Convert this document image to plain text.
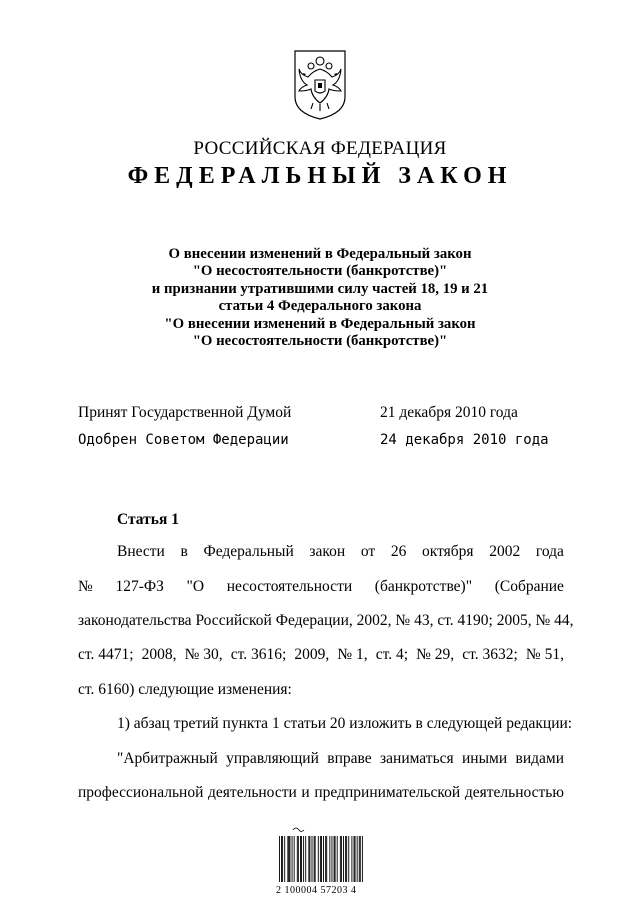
РОССИЙСКАЯ ФЕДЕРАЦИЯ
ФЕДЕРАЛЬНЫЙ ЗАКОН
О внесении изменений в Федеральный закон
"О несостоятельности (банкротстве)"
и признании утратившими силу частей 18, 19 и 21
статьи 4 Федерального закона
"О внесении изменений в Федеральный закон
"О несостоятельности (банкротстве)"
Принят Государственной Думой	21 декабря 2010 года
Одобрен Советом Федерации	24 декабря 2010 года
Статья 1
Внести в Федеральный закон от 26 октября 2002 года
№ 127-ФЗ "О несостоятельности (банкротстве)" (Собрание
законодательства Российской Федерации, 2002, № 43, ст. 4190; 2005, № 44,
ст. 4471; 2008, № 30, ст. 3616; 2009, № 1, ст. 4; № 29, ст. 3632; № 51,
ст. 6160) следующие изменения:
1) абзац третий пункта 1 статьи 20 изложить в следующей редакции:
"Арбитражный управляющий вправе заниматься иными видами
профессиональной деятельности и предпринимательской деятельностью
2 100004 57203 4
